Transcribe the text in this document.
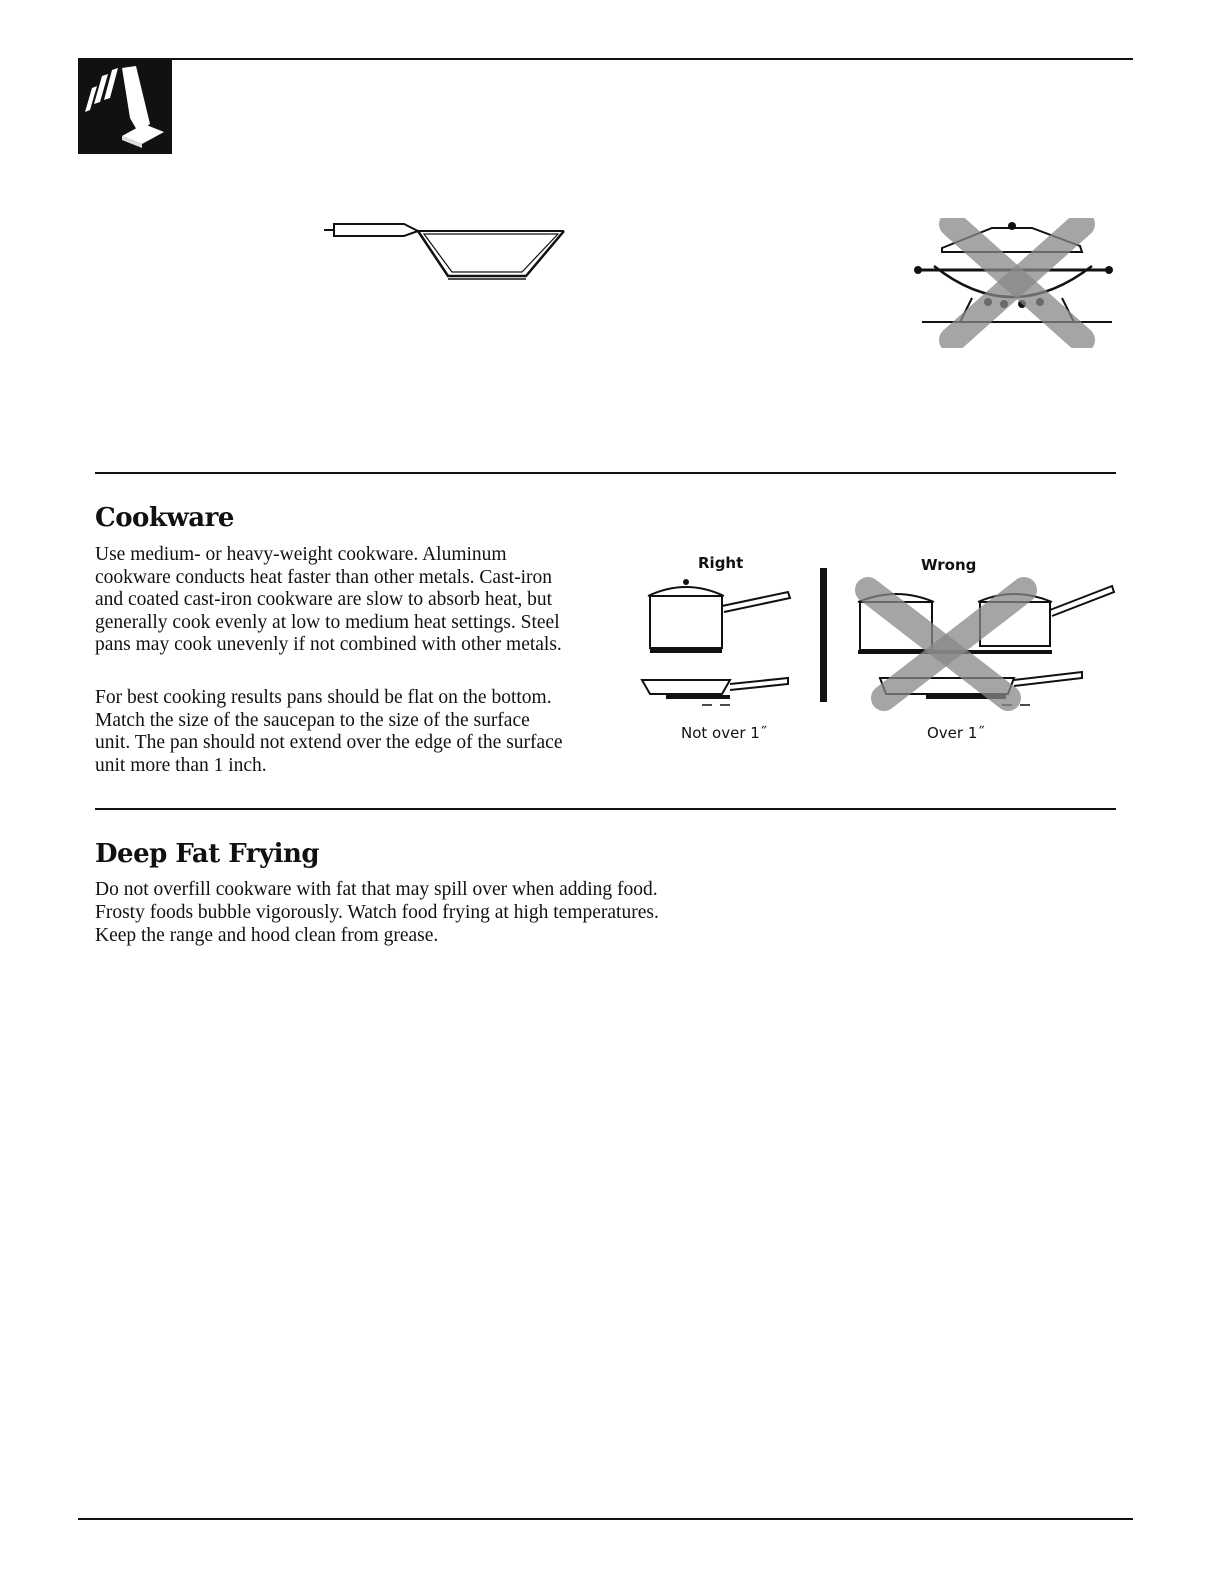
Cookware

Use medium- or heavy-weight cookware. Aluminum cookware conducts heat faster than other metals. Cast-iron and coated cast-iron cookware are slow to absorb heat, but generally cook evenly at low to medium heat settings. Steel pans may cook unevenly if not combined with other metals.

For best cooking results pans should be flat on the bottom. Match the size of the saucepan to the size of the surface unit. The pan should not extend over the edge of the surface unit more than 1 inch.

Right	Wrong
Not over 1˝	Over 1˝
Deep Fat Frying

Do not overfill cookware with fat that may spill over when adding food.

Frosty foods bubble vigorously. Watch food frying at high temperatures.

Keep the range and hood clean from grease.
